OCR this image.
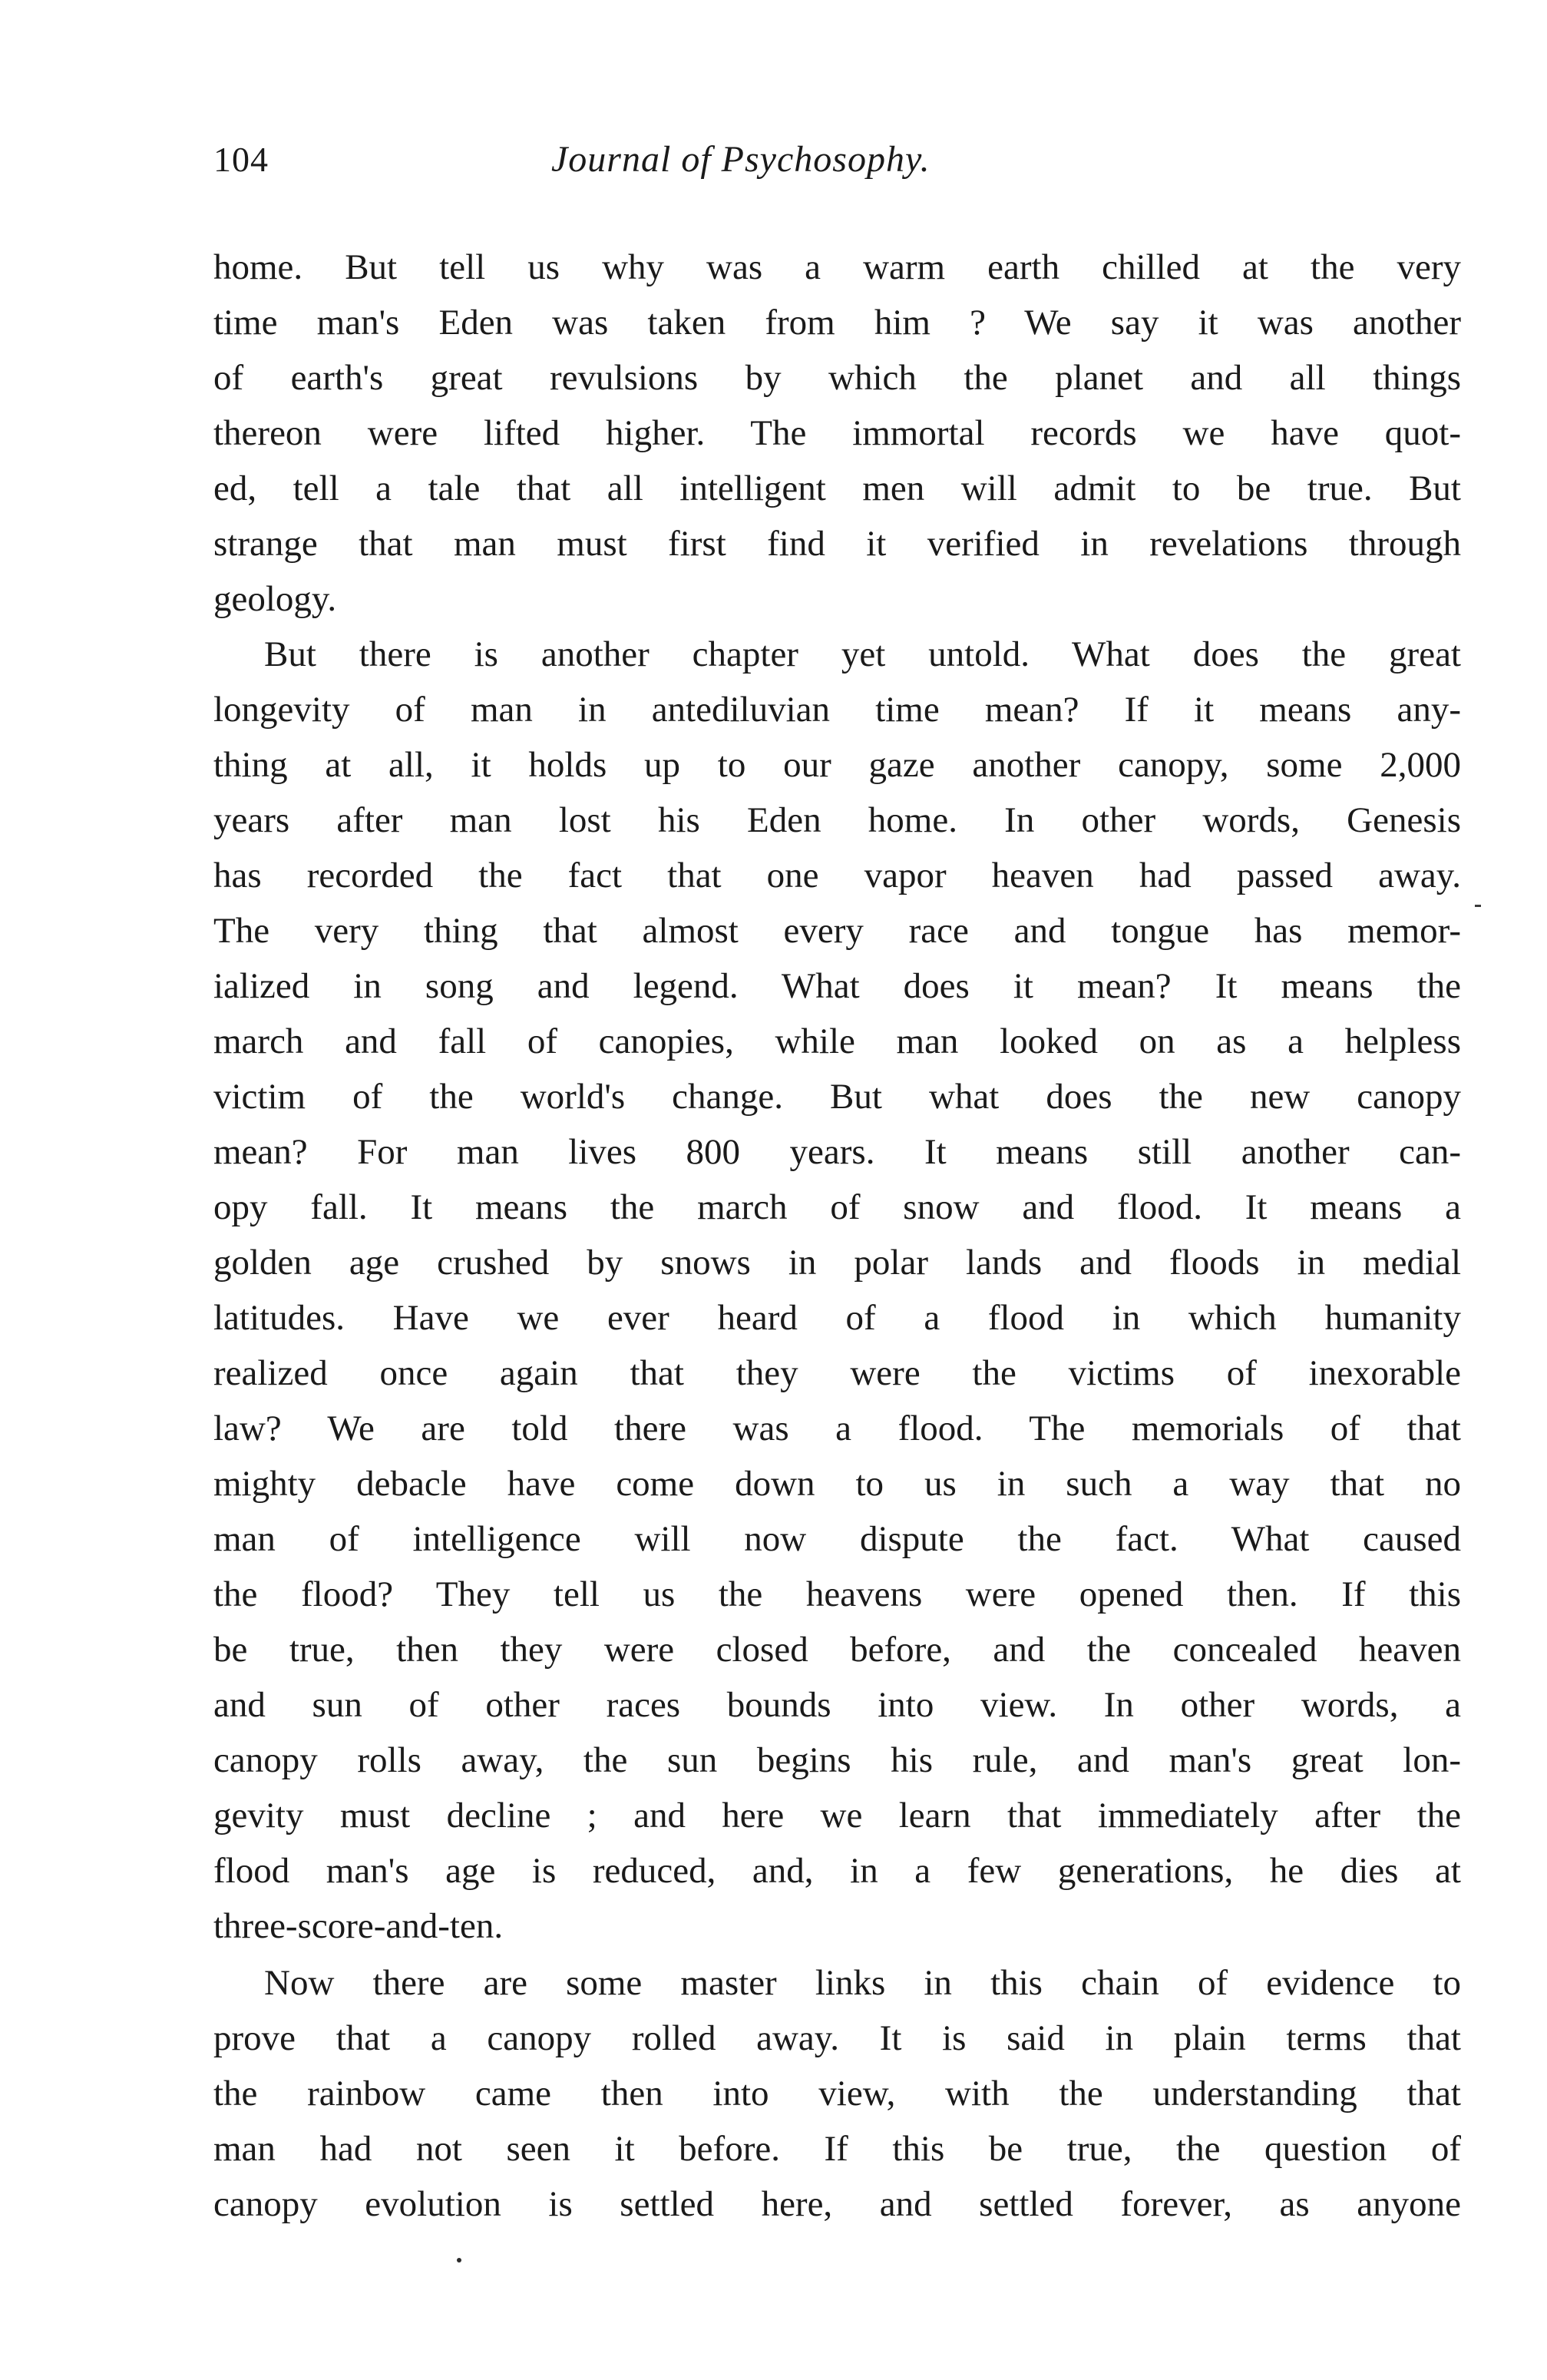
104	Journal of Psychosophy.
home. But tell us why was a warm earth chilled at the very
time man's Eden was taken from him ? We say it was another
of earth's great revulsions by which the planet and all things
thereon were lifted higher. The immortal records we have quot-
ed, tell a tale that all intelligent men will admit to be true. But
strange that man must first find it verified in revelations through
geology.
But there is another chapter yet untold. What does the great
longevity of man in antediluvian time mean? If it means any-
thing at all, it holds up to our gaze another canopy, some 2,000
years after man lost his Eden home. In other words, Genesis
has recorded the fact that one vapor heaven had passed away.
The very thing that almost every race and tongue has memor-
ialized in song and legend. What does it mean? It means the
march and fall of canopies, while man looked on as a helpless
victim of the world's change. But what does the new canopy
mean? For man lives 800 years. It means still another can-
opy fall. It means the march of snow and flood. It means a
golden age crushed by snows in polar lands and floods in medial
latitudes. Have we ever heard of a flood in which humanity
realized once again that they were the victims of inexorable
law? We are told there was a flood. The memorials of that
mighty debacle have come down to us in such a way that no
man of intelligence will now dispute the fact. What caused
the flood? They tell us the heavens were opened then. If this
be true, then they were closed before, and the concealed heaven
and sun of other races bounds into view. In other words, a
canopy rolls away, the sun begins his rule, and man's great lon-
gevity must decline ; and here we learn that immediately after the
flood man's age is reduced, and, in a few generations, he dies at
three-score-and-ten.
Now there are some master links in this chain of evidence to
prove that a canopy rolled away. It is said in plain terms that
the rainbow came then into view, with the understanding that
man had not seen it before. If this be true, the question of
canopy evolution is settled here, and settled forever, as anyone
